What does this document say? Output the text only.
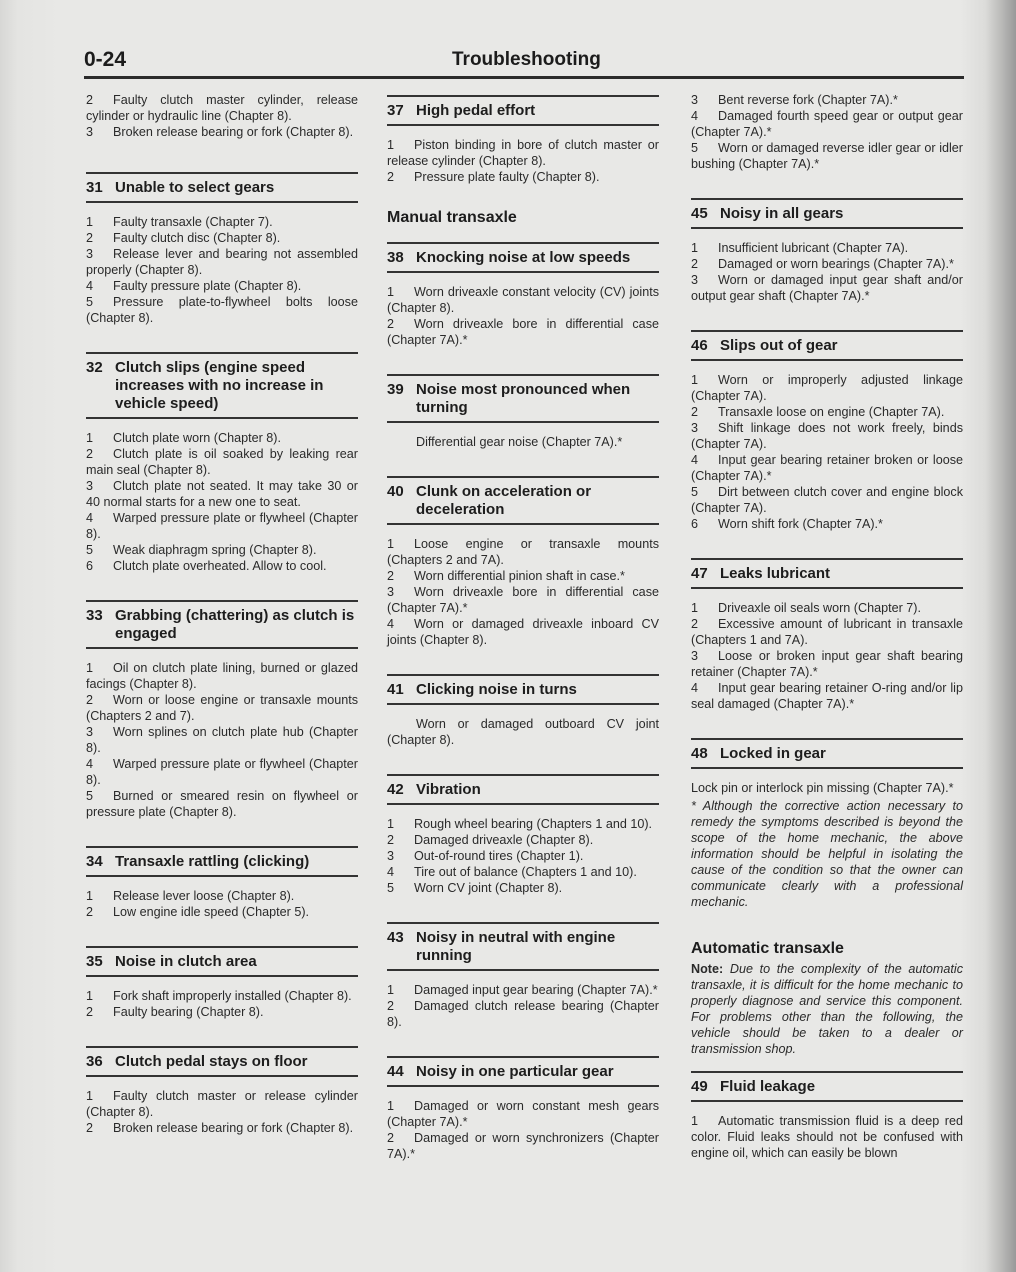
0-24	Troubleshooting
2 Faulty clutch master cylinder, release cylinder or hydraulic line (Chapter 8).
3 Broken release bearing or fork (Chapter 8).
31 Unable to select gears
1 Faulty transaxle (Chapter 7).
2 Faulty clutch disc (Chapter 8).
3 Release lever and bearing not assembled properly (Chapter 8).
4 Faulty pressure plate (Chapter 8).
5 Pressure plate-to-flywheel bolts loose (Chapter 8).
32 Clutch slips (engine speed increases with no increase in vehicle speed)
1 Clutch plate worn (Chapter 8).
2 Clutch plate is oil soaked by leaking rear main seal (Chapter 8).
3 Clutch plate not seated. It may take 30 or 40 normal starts for a new one to seat.
4 Warped pressure plate or flywheel (Chapter 8).
5 Weak diaphragm spring (Chapter 8).
6 Clutch plate overheated. Allow to cool.
33 Grabbing (chattering) as clutch is engaged
1 Oil on clutch plate lining, burned or glazed facings (Chapter 8).
2 Worn or loose engine or transaxle mounts (Chapters 2 and 7).
3 Worn splines on clutch plate hub (Chapter 8).
4 Warped pressure plate or flywheel (Chapter 8).
5 Burned or smeared resin on flywheel or pressure plate (Chapter 8).
34 Transaxle rattling (clicking)
1 Release lever loose (Chapter 8).
2 Low engine idle speed (Chapter 5).
35 Noise in clutch area
1 Fork shaft improperly installed (Chapter 8).
2 Faulty bearing (Chapter 8).
36 Clutch pedal stays on floor
1 Faulty clutch master or release cylinder (Chapter 8).
2 Broken release bearing or fork (Chapter 8).
37 High pedal effort
1 Piston binding in bore of clutch master or release cylinder (Chapter 8).
2 Pressure plate faulty (Chapter 8).
Manual transaxle
38 Knocking noise at low speeds
1 Worn driveaxle constant velocity (CV) joints (Chapter 8).
2 Worn driveaxle bore in differential case (Chapter 7A).*
39 Noise most pronounced when turning
Differential gear noise (Chapter 7A).*
40 Clunk on acceleration or deceleration
1 Loose engine or transaxle mounts (Chapters 2 and 7A).
2 Worn differential pinion shaft in case.*
3 Worn driveaxle bore in differential case (Chapter 7A).*
4 Worn or damaged driveaxle inboard CV joints (Chapter 8).
41 Clicking noise in turns
Worn or damaged outboard CV joint (Chapter 8).
42 Vibration
1 Rough wheel bearing (Chapters 1 and 10).
2 Damaged driveaxle (Chapter 8).
3 Out-of-round tires (Chapter 1).
4 Tire out of balance (Chapters 1 and 10).
5 Worn CV joint (Chapter 8).
43 Noisy in neutral with engine running
1 Damaged input gear bearing (Chapter 7A).*
2 Damaged clutch release bearing (Chapter 8).
44 Noisy in one particular gear
1 Damaged or worn constant mesh gears (Chapter 7A).*
2 Damaged or worn synchronizers (Chapter 7A).*
3 Bent reverse fork (Chapter 7A).*
4 Damaged fourth speed gear or output gear (Chapter 7A).*
5 Worn or damaged reverse idler gear or idler bushing (Chapter 7A).*
45 Noisy in all gears
1 Insufficient lubricant (Chapter 7A).
2 Damaged or worn bearings (Chapter 7A).*
3 Worn or damaged input gear shaft and/or output gear shaft (Chapter 7A).*
46 Slips out of gear
1 Worn or improperly adjusted linkage (Chapter 7A).
2 Transaxle loose on engine (Chapter 7A).
3 Shift linkage does not work freely, binds (Chapter 7A).
4 Input gear bearing retainer broken or loose (Chapter 7A).*
5 Dirt between clutch cover and engine block (Chapter 7A).
6 Worn shift fork (Chapter 7A).*
47 Leaks lubricant
1 Driveaxle oil seals worn (Chapter 7).
2 Excessive amount of lubricant in transaxle (Chapters 1 and 7A).
3 Loose or broken input gear shaft bearing retainer (Chapter 7A).*
4 Input gear bearing retainer O-ring and/or lip seal damaged (Chapter 7A).*
48 Locked in gear
Lock pin or interlock pin missing (Chapter 7A).*
* Although the corrective action necessary to remedy the symptoms described is beyond the scope of the home mechanic, the above information should be helpful in isolating the cause of the condition so that the owner can communicate clearly with a professional mechanic.
Automatic transaxle
Note: Due to the complexity of the automatic transaxle, it is difficult for the home mechanic to properly diagnose and service this component. For problems other than the following, the vehicle should be taken to a dealer or transmission shop.
49 Fluid leakage
1 Automatic transmission fluid is a deep red color. Fluid leaks should not be confused with engine oil, which can easily be blown
